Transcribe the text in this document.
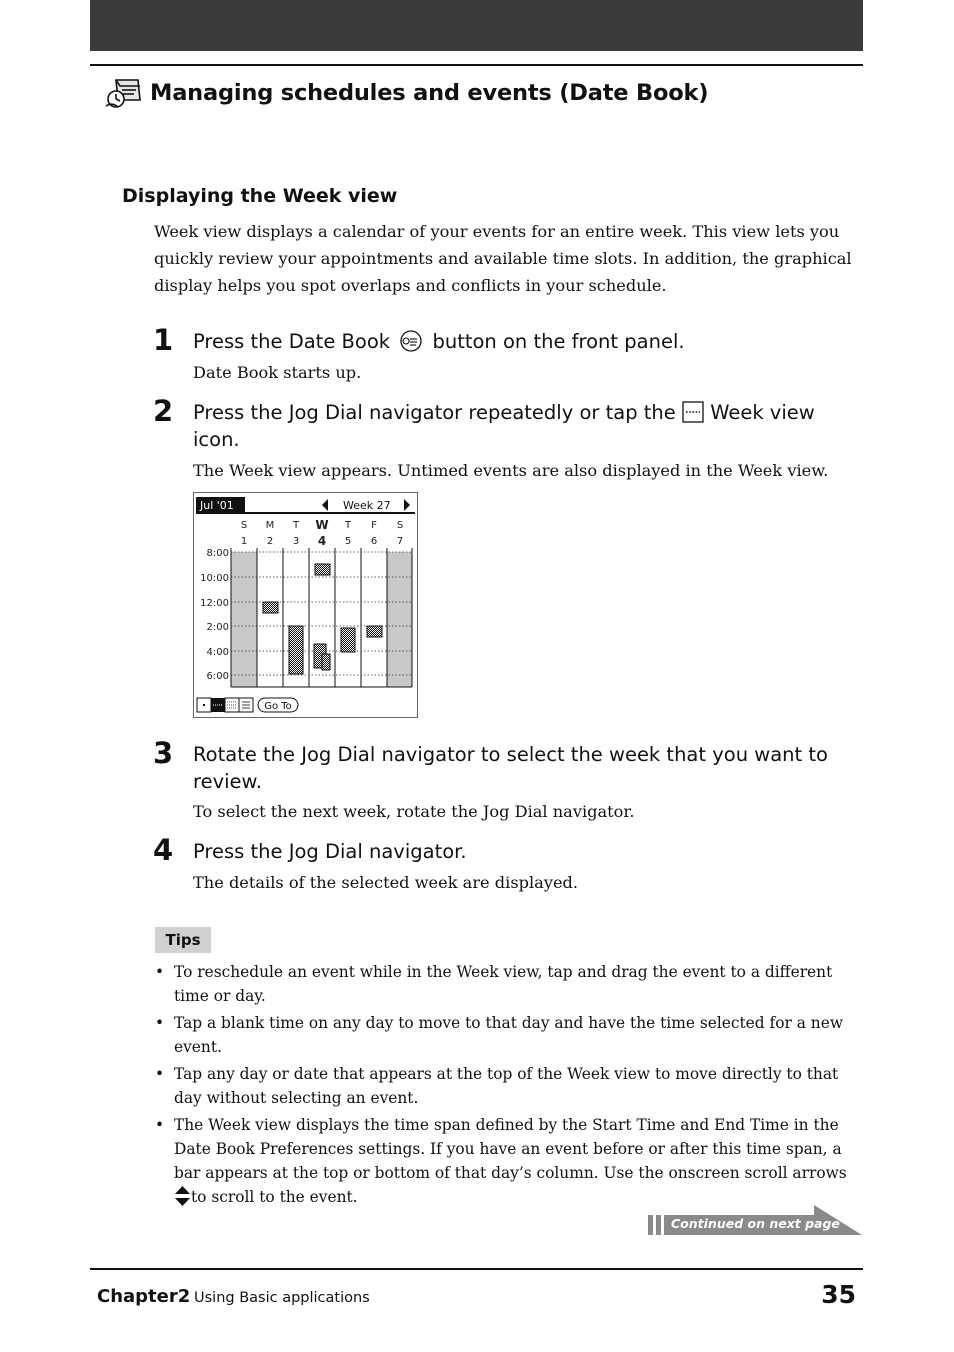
Managing schedules and events (Date Book)
Displaying the Week view
Week view displays a calendar of your events for an entire week. This view lets you quickly review your appointments and available time slots. In addition, the graphical display helps you spot overlaps and conflicts in your schedule.
1 Press the Date Book button on the front panel.
Date Book starts up.
2 Press the Jog Dial navigator repeatedly or tap the Week view icon.
The Week view appears. Untimed events are also displayed in the Week view.
Jul '01	Week 27
S M T W T F S
1 2 3 4 5 6 7
8:00
10:00
12:00
2:00
4:00
6:00
Go To
3 Rotate the Jog Dial navigator to select the week that you want to review.
To select the next week, rotate the Jog Dial navigator.
4 Press the Jog Dial navigator.
The details of the selected week are displayed.
Tips
• To reschedule an event while in the Week view, tap and drag the event to a different time or day.
• Tap a blank time on any day to move to that day and have the time selected for a new event.
• Tap any day or date that appears at the top of the Week view to move directly to that day without selecting an event.
• The Week view displays the time span defined by the Start Time and End Time in the Date Book Preferences settings. If you have an event before or after this time span, a bar appears at the top or bottom of that day’s column. Use the onscreen scroll arrows to scroll to the event.
Continued on next page
Chapter2 Using Basic applications	35
